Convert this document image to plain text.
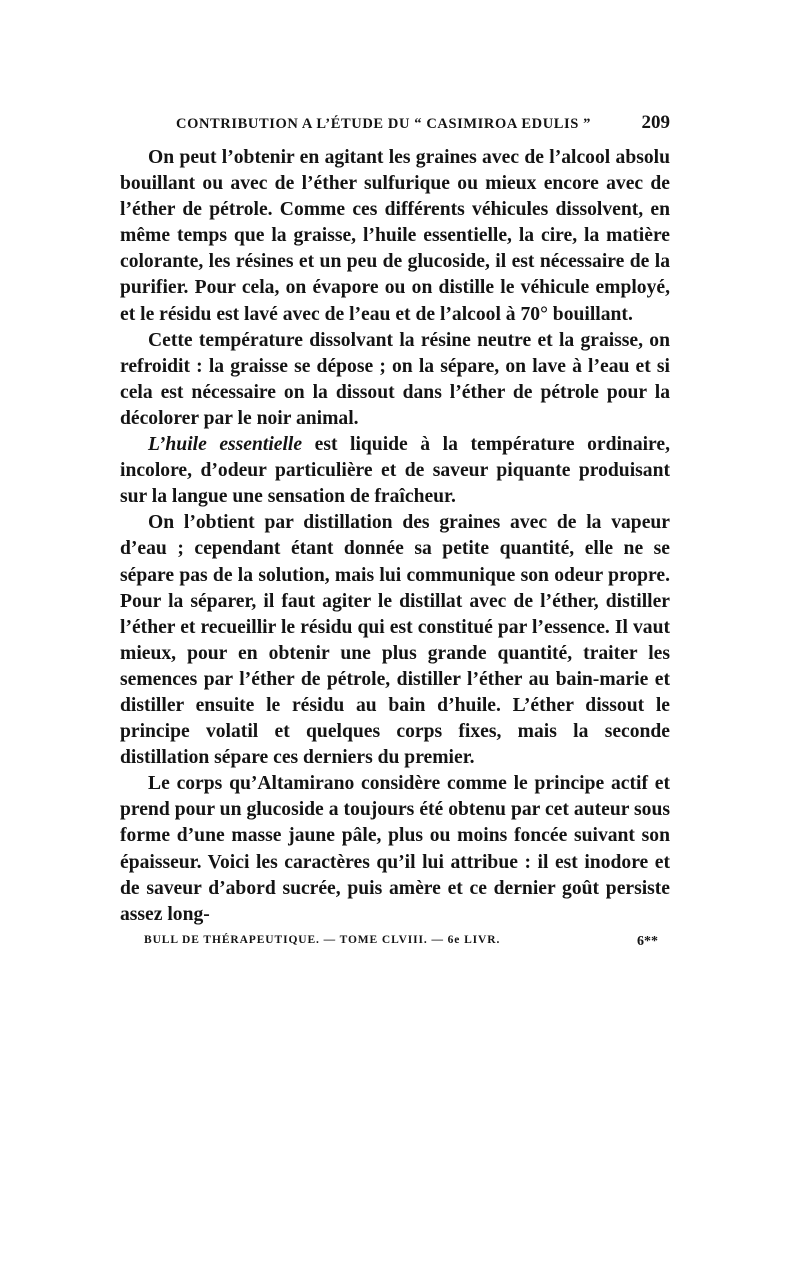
CONTRIBUTION A L’ÉTUDE DU “ CASIMIROA EDULIS ”	209

On peut l’obtenir en agitant les graines avec de l’alcool absolu bouillant ou avec de l’éther sulfurique ou mieux encore avec de l’éther de pétrole. Comme ces différents véhicules dissolvent, en même temps que la graisse, l’huile essentielle, la cire, la matière colorante, les résines et un peu de glucoside, il est nécessaire de la purifier. Pour cela, on évapore ou on distille le véhicule employé, et le résidu est lavé avec de l’eau et de l’alcool à 70° bouillant.

Cette température dissolvant la résine neutre et la graisse, on refroidit : la graisse se dépose ; on la sépare, on lave à l’eau et si cela est nécessaire on la dissout dans l’éther de pétrole pour la décolorer par le noir animal.

L’huile essentielle est liquide à la température ordinaire, incolore, d’odeur particulière et de saveur piquante produisant sur la langue une sensation de fraîcheur.

On l’obtient par distillation des graines avec de la vapeur d’eau ; cependant étant donnée sa petite quantité, elle ne se sépare pas de la solution, mais lui communique son odeur propre. Pour la séparer, il faut agiter le distillat avec de l’éther, distiller l’éther et recueillir le résidu qui est constitué par l’essence. Il vaut mieux, pour en obtenir une plus grande quantité, traiter les semences par l’éther de pétrole, distiller l’éther au bain-marie et distiller ensuite le résidu au bain d’huile. L’éther dissout le principe volatil et quelques corps fixes, mais la seconde distillation sépare ces derniers du premier.

Le corps qu’Altamirano considère comme le principe actif et prend pour un glucoside a toujours été obtenu par cet auteur sous forme d’une masse jaune pâle, plus ou moins foncée suivant son épaisseur. Voici les caractères qu’il lui attribue : il est inodore et de saveur d’abord sucrée, puis amère et ce dernier goût persiste assez long-

BULL DE THÉRAPEUTIQUE. — TOME CLVIII. — 6e LIVR.	6**
